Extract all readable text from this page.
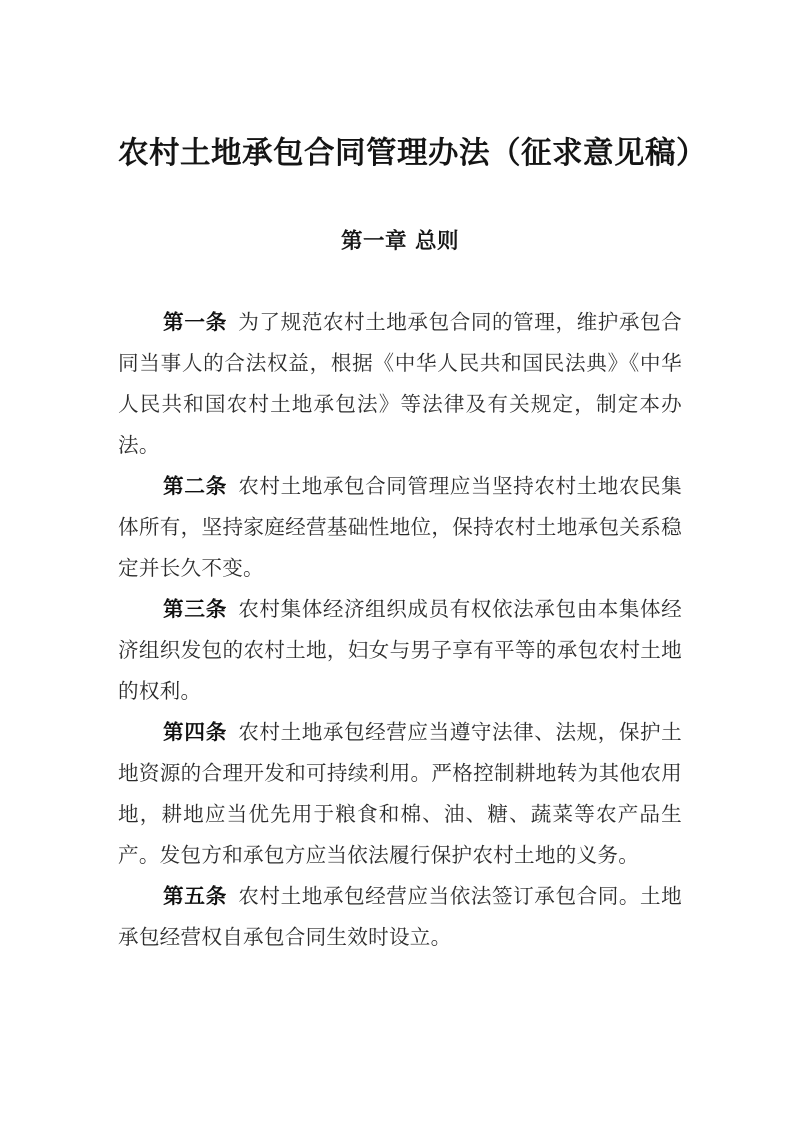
农村土地承包合同管理办法（征求意见稿）
第一章 总则

第一条 为了规范农村土地承包合同的管理，维护承包合同当事人的合法权益，根据《中华人民共和国民法典》《中华人民共和国农村土地承包法》等法律及有关规定，制定本办法。

第二条 农村土地承包合同管理应当坚持农村土地农民集体所有，坚持家庭经营基础性地位，保持农村土地承包关系稳定并长久不变。

第三条 农村集体经济组织成员有权依法承包由本集体经济组织发包的农村土地，妇女与男子享有平等的承包农村土地的权利。

第四条 农村土地承包经营应当遵守法律、法规，保护土地资源的合理开发和可持续利用。严格控制耕地转为其他农用地，耕地应当优先用于粮食和棉、油、糖、蔬菜等农产品生产。发包方和承包方应当依法履行保护农村土地的义务。

第五条 农村土地承包经营应当依法签订承包合同。土地承包经营权自承包合同生效时设立。
